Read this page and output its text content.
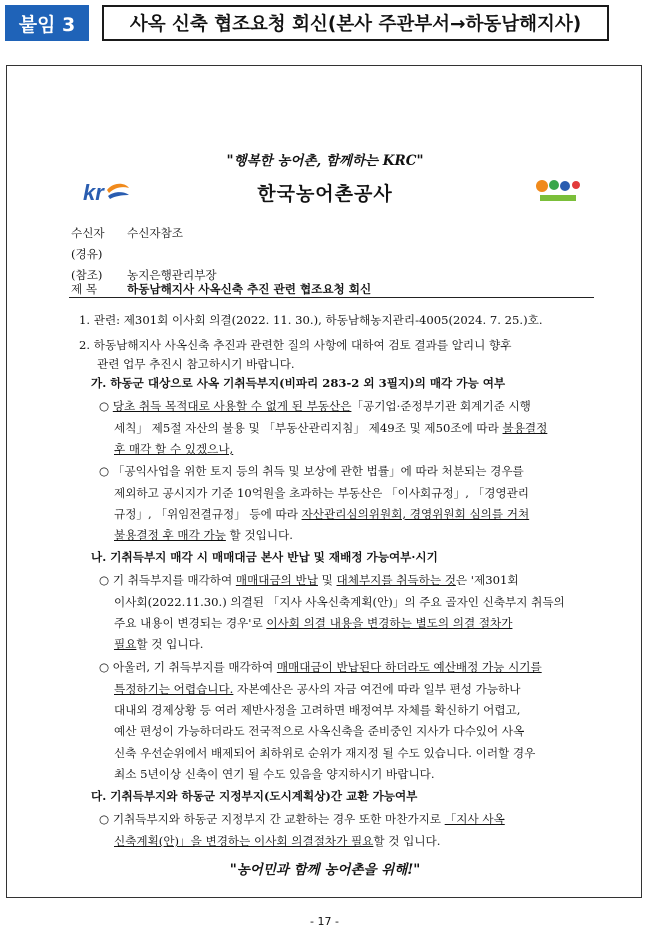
붙임 3	사옥 신축 협조요청 회신(본사 주관부서→하동남해지사)
"행복한 농어촌, 함께하는 KRC"
kr	한국농어촌공사
수신자 수신자참조
(경유)
(참조) 농지은행관리부장
제 목	하동남해지사 사옥신축 추진 관련 협조요청 회신
1. 관련: 제301회 이사회 의결(2022. 11. 30.), 하동남해농지관리-4005(2024. 7. 25.)호.
2. 하동남해지사 사옥신축 추진과 관련한 질의 사항에 대하여 검토 결과를 알리니 향후
관련 업무 추진시 참고하시기 바랍니다.
가. 하동군 대상으로 사옥 기취득부지(비파리 283-2 외 3필지)의 매각 가능 여부
○ 당초 취득 목적대로 사용할 수 없게 된 부동산은「공기업·준정부기관 회계기준 시행
세칙」 제5절 자산의 불용 및 「부동산관리지침」 제49조 및 제50조에 따라 불용결정
후 매각 할 수 있겠으나,
○ 「공익사업을 위한 토지 등의 취득 및 보상에 관한 법률」에 따라 처분되는 경우를
제외하고 공시지가 기준 10억원을 초과하는 부동산은 「이사회규정」, 「경영관리
규정」, 「위임전결규정」 등에 따라 자산관리심의위원회, 경영위원회 심의를 거쳐
불용결정 후 매각 가능 할 것입니다.
나. 기취득부지 매각 시 매매대금 본사 반납 및 재배정 가능여부·시기
○ 기 취득부지를 매각하여 매매대금의 반납 및 대체부지를 취득하는 것은 '제301회
이사회(2022.11.30.) 의결된 「지사 사옥신축계획(안)」의 주요 골자인 신축부지 취득의
주요 내용이 변경되는 경우'로 이사회 의결 내용을 변경하는 별도의 의결 절차가
필요할 것 입니다.
○ 아울러, 기 취득부지를 매각하여 매매대금이 반납된다 하더라도 예산배정 가능 시기를
특정하기는 어렵습니다. 자본예산은 공사의 자금 여건에 따라 일부 편성 가능하나
대내외 경제상황 등 여러 제반사정을 고려하면 배정여부 자체를 확신하기 어렵고,
예산 편성이 가능하더라도 전국적으로 사옥신축을 준비중인 지사가 다수있어 사옥
신축 우선순위에서 배제되어 최하위로 순위가 재지정 될 수도 있습니다. 이러할 경우
최소 5년이상 신축이 연기 될 수도 있음을 양지하시기 바랍니다.
다. 기취득부지와 하동군 지정부지(도시계획상)간 교환 가능여부
○ 기취득부지와 하동군 지정부지 간 교환하는 경우 또한 마찬가지로 「지사 사옥
신축계획(안)」을 변경하는 이사회 의결절차가 필요할 것 입니다.
"농어민과 함께 농어촌을 위해!"
- 17 -
